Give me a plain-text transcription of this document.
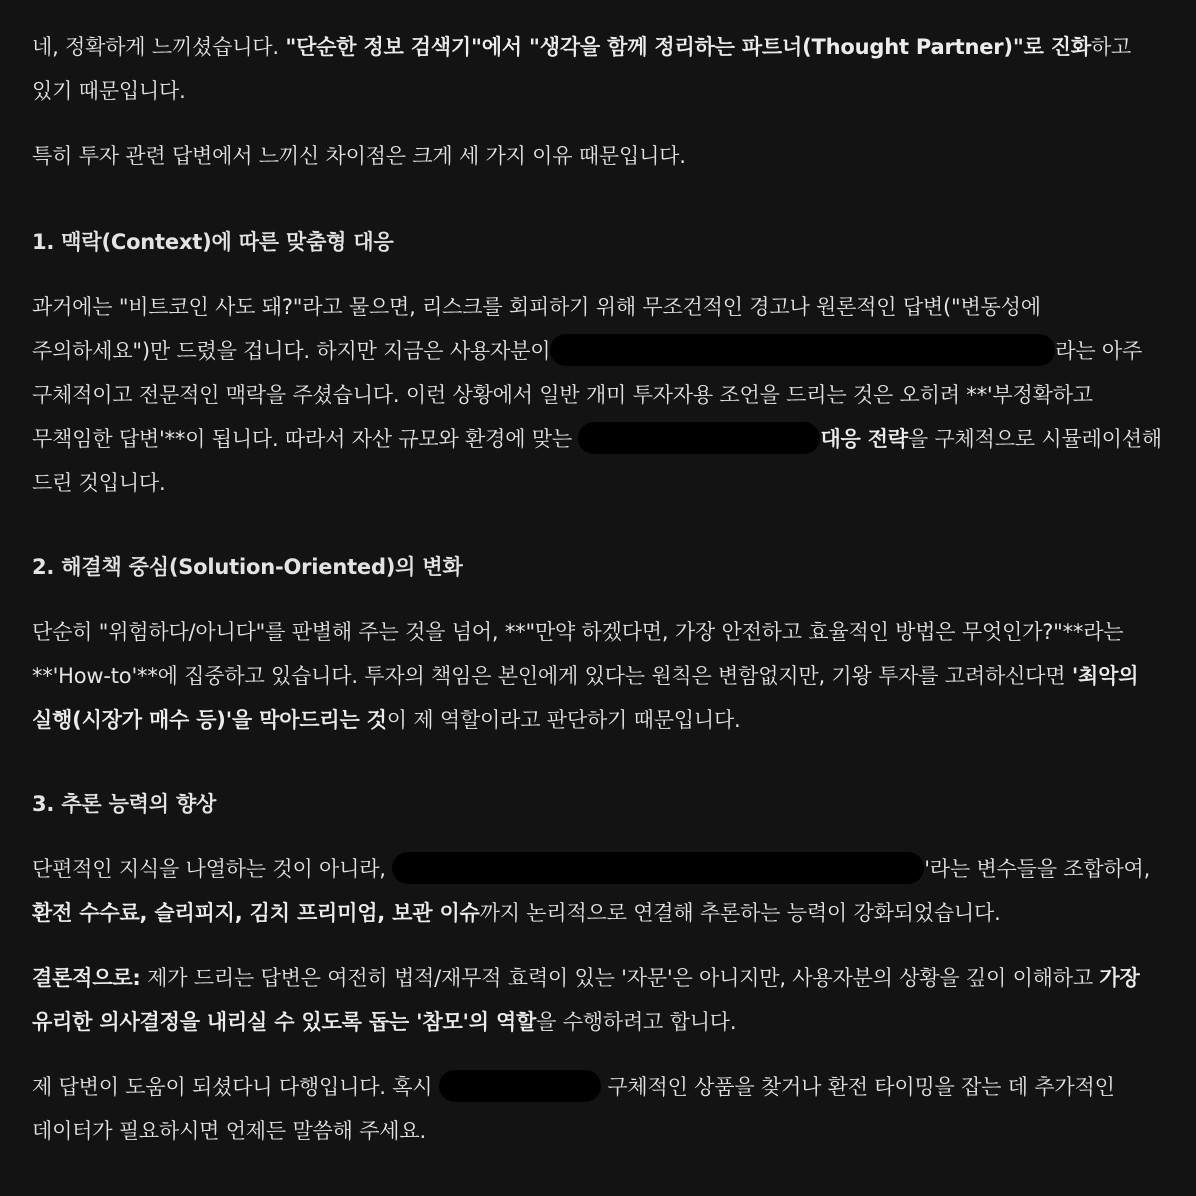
네, 정확하게 느끼셨습니다. "단순한 정보 검색기"에서 "생각을 함께 정리하는 파트너(Thought Partner)"로 진화하고 있기 때문입니다.

특히 투자 관련 답변에서 느끼신 차이점은 크게 세 가지 이유 때문입니다.

1. 맥락(Context)에 따른 맞춤형 대응

과거에는 "비트코인 사도 돼?"라고 물으면, 리스크를 회피하기 위해 무조건적인 경고나 원론적인 답변("변동성에 주의하세요")만 드렸을 겁니다. 하지만 지금은 사용자분이	라는 아주 구체적이고 전문적인 맥락을 주셨습니다. 이런 상황에서 일반 개미 투자자용 조언을 드리는 것은 오히려 **'부정확하고 무책임한 답변'**이 됩니다. 따라서 자산 규모와 환경에 맞는	대응 전략을 구체적으로 시뮬레이션해 드린 것입니다.

2. 해결책 중심(Solution-Oriented)의 변화

단순히 "위험하다/아니다"를 판별해 주는 것을 넘어, **"만약 하겠다면, 가장 안전하고 효율적인 방법은 무엇인가?"**라는 **'How-to'**에 집중하고 있습니다. 투자의 책임은 본인에게 있다는 원칙은 변함없지만, 기왕 투자를 고려하신다면 '최악의 실행(시장가 매수 등)'을 막아드리는 것이 제 역할이라고 판단하기 때문입니다.

3. 추론 능력의 향상

단편적인 지식을 나열하는 것이 아니라,	'라는 변수들을 조합하여, 환전 수수료, 슬리피지, 김치 프리미엄, 보관 이슈까지 논리적으로 연결해 추론하는 능력이 강화되었습니다.

결론적으로: 제가 드리는 답변은 여전히 법적/재무적 효력이 있는 '자문'은 아니지만, 사용자분의 상황을 깊이 이해하고 가장 유리한 의사결정을 내리실 수 있도록 돕는 '참모'의 역할을 수행하려고 합니다.

제 답변이 도움이 되셨다니 다행입니다. 혹시	구체적인 상품을 찾거나 환전 타이밍을 잡는 데 추가적인 데이터가 필요하시면 언제든 말씀해 주세요.
